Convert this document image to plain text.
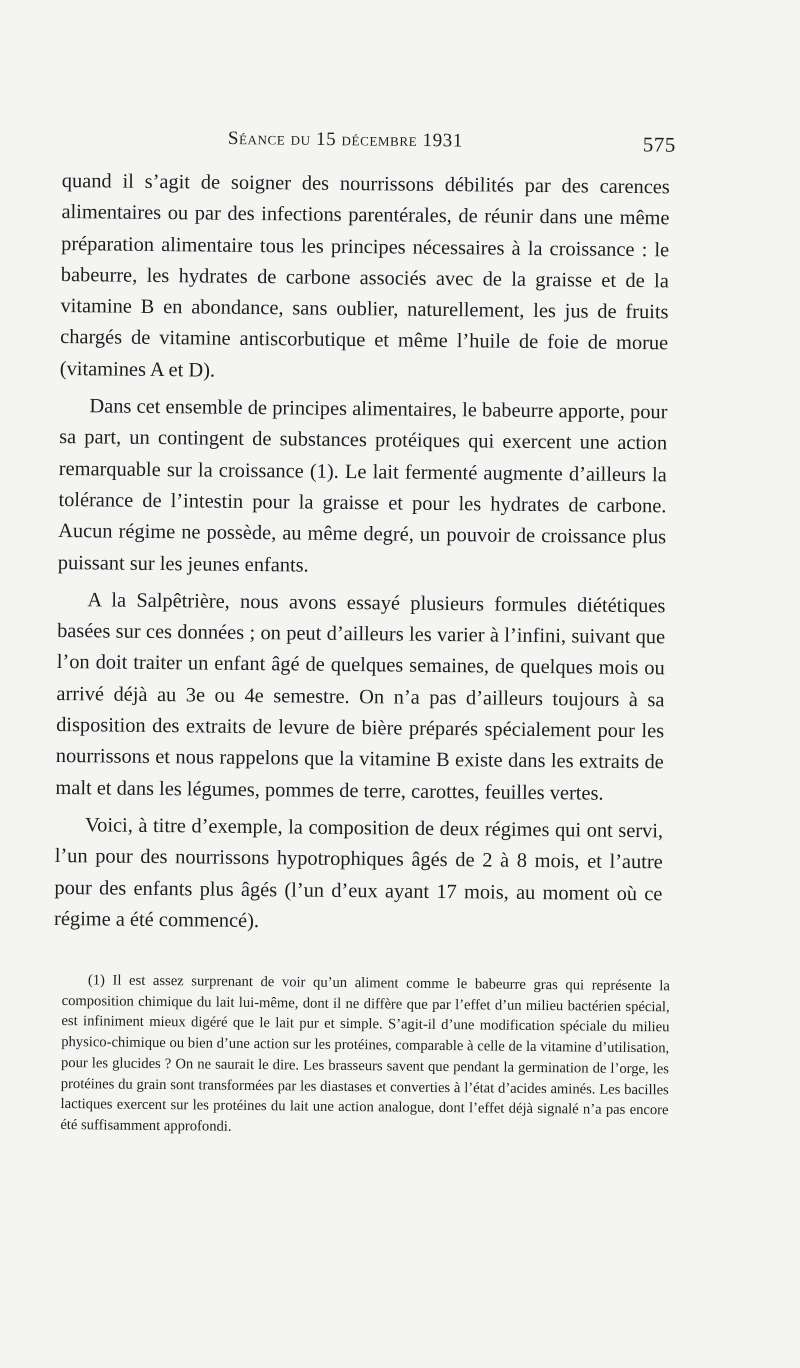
Séance du 15 décembre 1931	575

quand il s’agit de soigner des nourrissons débilités par des carences alimentaires ou par des infections parentérales, de réunir dans une même préparation alimentaire tous les principes nécessaires à la croissance : le babeurre, les hydrates de carbone associés avec de la graisse et de la vitamine B en abondance, sans oublier, naturellement, les jus de fruits chargés de vitamine antiscorbutique et même l’huile de foie de morue (vitamines A et D).

Dans cet ensemble de principes alimentaires, le babeurre apporte, pour sa part, un contingent de substances protéiques qui exercent une action remarquable sur la croissance (1). Le lait fermenté augmente d’ailleurs la tolérance de l’intestin pour la graisse et pour les hydrates de carbone. Aucun régime ne possède, au même degré, un pouvoir de croissance plus puissant sur les jeunes enfants.

A la Salpêtrière, nous avons essayé plusieurs formules diététiques basées sur ces données ; on peut d’ailleurs les varier à l’infini, suivant que l’on doit traiter un enfant âgé de quelques semaines, de quelques mois ou arrivé déjà au 3e ou 4e semestre. On n’a pas d’ailleurs toujours à sa disposition des extraits de levure de bière préparés spécialement pour les nourrissons et nous rappelons que la vitamine B existe dans les extraits de malt et dans les légumes, pommes de terre, carottes, feuilles vertes.

Voici, à titre d’exemple, la composition de deux régimes qui ont servi, l’un pour des nourrissons hypotrophiques âgés de 2 à 8 mois, et l’autre pour des enfants plus âgés (l’un d’eux ayant 17 mois, au moment où ce régime a été commencé).

(1) Il est assez surprenant de voir qu’un aliment comme le babeurre gras qui représente la composition chimique du lait lui-même, dont il ne diffère que par l’effet d’un milieu bactérien spécial, est infiniment mieux digéré que le lait pur et simple. S’agit-il d’une modification spéciale du milieu physico-chimique ou bien d’une action sur les protéines, comparable à celle de la vitamine d’utilisation, pour les glucides ? On ne saurait le dire. Les brasseurs savent que pendant la germination de l’orge, les protéines du grain sont transformées par les diastases et converties à l’état d’acides aminés. Les bacilles lactiques exercent sur les protéines du lait une action analogue, dont l’effet déjà signalé n’a pas encore été suffisamment approfondi.
